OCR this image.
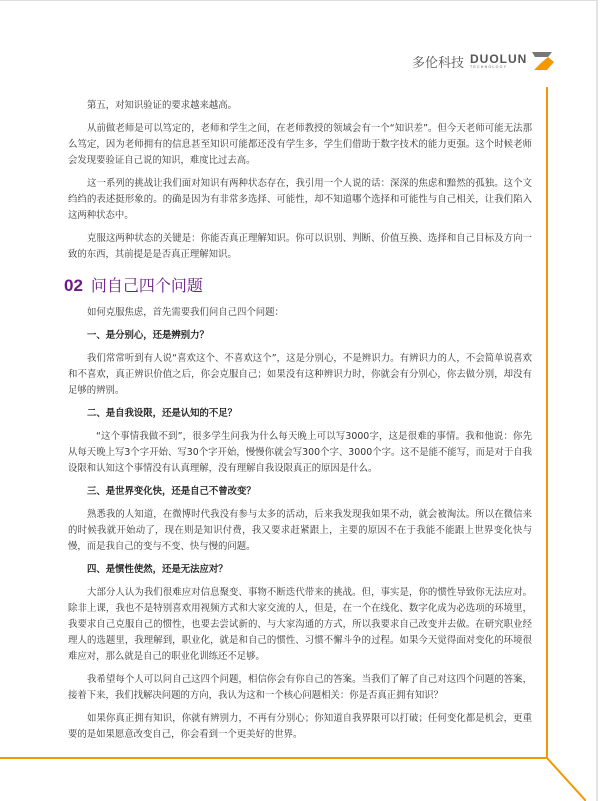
多伦科技 DUOLUN
TECHNOLOGY

第五，对知识验证的要求越来越高。

从前做老师是可以笃定的，老师和学生之间，在老师教授的领域会有一个“知识差”。但今天老师可能无法那么笃定，因为老师拥有的信息甚至知识可能都还没有学生多，学生们借助于数字技术的能力更强。这个时候老师会发现要验证自己说的知识，难度比过去高。

这一系列的挑战让我们面对知识有两种状态存在，我引用一个人说的话：深深的焦虑和黯然的孤独。这个文绉绉的表述挺形象的。的确是因为有非常多选择、可能性，却不知道哪个选择和可能性与自己相关，让我们陷入这两种状态中。

克服这两种状态的关键是：你能否真正理解知识。你可以识别、判断、价值互换、选择和自己目标及方向一致的东西，其前提是是否真正理解知识。

02 问自己四个问题

如何克服焦虑，首先需要我们问自己四个问题：

一、是分别心，还是辨别力？

我们常常听到有人说“喜欢这个、不喜欢这个”，这是分别心，不是辨识力。有辨识力的人，不会简单说喜欢和不喜欢，真正辨识价值之后，你会克服自己；如果没有这种辨识力时，你就会有分别心，你去做分别，却没有足够的辨别。

二、是自我设限，还是认知的不足？

“这个事情我做不到”，很多学生问我为什么每天晚上可以写3000字，这是很难的事情。我和他说：你先从每天晚上写3个字开始、写30个字开始，慢慢你就会写300个字、3000个字。这不是能不能写，而是对于自我设限和认知这个事情没有认真理解，没有理解自我设限真正的原因是什么。

三、是世界变化快，还是自己不曾改变？

熟悉我的人知道，在微博时代我没有参与太多的活动，后来我发现我如果不动，就会被淘汰。所以在微信来的时候我就开始动了，现在则是知识付费，我又要求赶紧跟上，主要的原因不在于我能不能跟上世界变化快与慢，而是我自己的变与不变、快与慢的问题。

四、是惯性使然，还是无法应对？

大部分人认为我们很难应对信息聚变、事物不断迭代带来的挑战。但，事实是，你的惯性导致你无法应对。除非上课，我也不是特别喜欢用视频方式和大家交流的人，但是，在一个在线化、数字化成为必选项的环境里，我要求自己克服自己的惯性，也要去尝试新的、与大家沟通的方式，所以我要求自己改变并去做。在研究职业经理人的选题里，我理解到，职业化，就是和自己的惯性、习惯不懈斗争的过程。如果今天觉得面对变化的环境很难应对，那么就是自己的职业化训练还不足够。

我希望每个人可以问自己这四个问题，相信你会有你自己的答案。当我们了解了自己对这四个问题的答案，接着下来，我们找解决问题的方向，我认为这和一个核心问题相关：你是否真正拥有知识？

如果你真正拥有知识，你就有辨别力，不再有分别心；你知道自我界限可以打破；任何变化都是机会，更重要的是如果愿意改变自己，你会看到一个更美好的世界。
